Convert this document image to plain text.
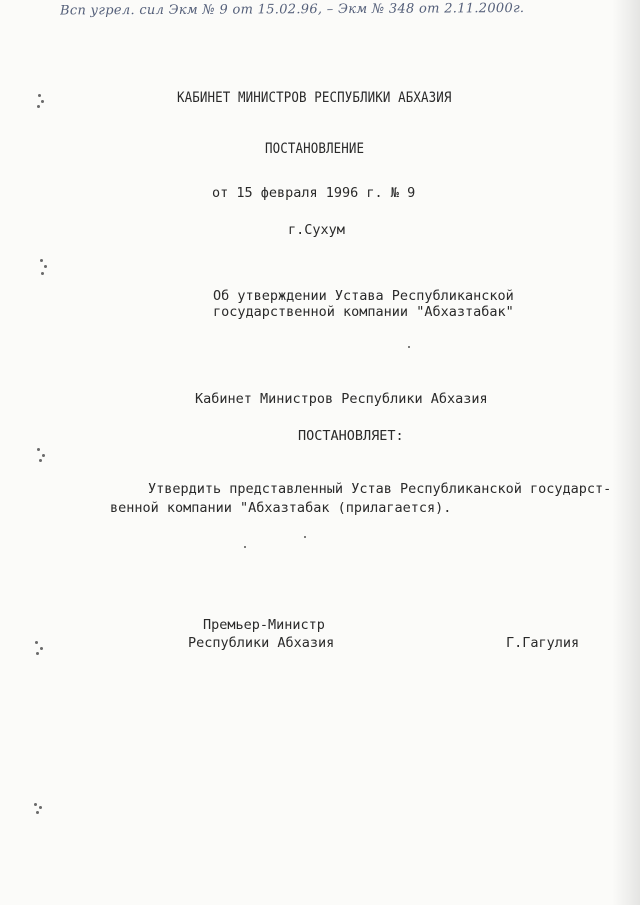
Bсп угрел. сил Экм № 9 от 15.02.96, – Экм № 348 от 2.11.2000г.
КАБИНЕТ МИНИСТРОВ РЕСПУБЛИКИ АБХАЗИЯ
ПОСТАНОВЛЕНИЕ
от 15 февраля 1996 г. № 9
г.Сухум
Об утверждении Устава Республиканской
государственной компании "Абхазтабак"
Кабинет Министров Республики Абхазия
ПОСТАНОВЛЯЕТ:
Утвердить представленный Устав Республиканской государст-
венной компании "Абхазтабак (прилагается).
Премьер-Министр
Республики Абхазия	Г.Гагулия
